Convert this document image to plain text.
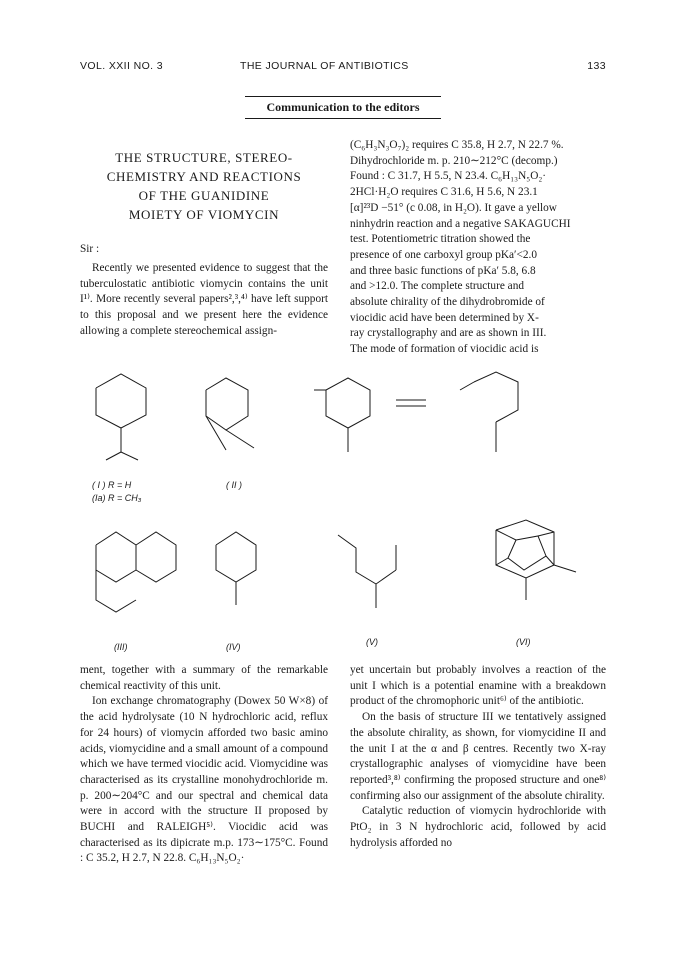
VOL. XXII NO. 3	THE JOURNAL OF ANTIBIOTICS	133
Communication to the editors
THE STRUCTURE, STEREO-
CHEMISTRY AND REACTIONS
OF THE GUANIDINE
MOIETY OF VIOMYCIN
Sir :

Recently we presented evidence to suggest that the tuberculostatic antibiotic viomycin contains the unit I¹⁾. More recently several papers²,³,⁴⁾ have left support to this proposal and we present here the evidence allowing a complete stereochemical assign-

(C₆H₃N₃O₇)₂ requires C 35.8, H 2.7, N 22.7 %.
Dihydrochloride m. p. 210∼212°C (decomp.)
Found : C 31.7, H 5.5, N 23.4. C₆H₁₃N₅O₂·
2HCl·H₂O requires C 31.6, H 5.6, N 23.1
[α]²³D −51° (c 0.08, in H₂O). It gave a yellow
ninhydrin reaction and a negative SAKAGUCHI
test. Potentiometric titration showed the
presence of one carboxyl group pKa′<2.0
and three basic functions of pKa′ 5.8, 6.8
and >12.0. The complete structure and
absolute chirality of the dihydrobromide of
viocidic acid have been determined by X-
ray crystallography and are as shown in III.
The mode of formation of viocidic acid is
( I ) R = H
(Ia) R = CH₃
( II )
(III)	(IV)	(V)	(VI)

ment, together with a summary of the remarkable chemical reactivity of this unit.

Ion exchange chromatography (Dowex 50 W×8) of the acid hydrolysate (10 N hydrochloric acid, reflux for 24 hours) of viomycin afforded two basic amino acids, viomycidine and a small amount of a compound which we have termed viocidic acid. Viomycidine was characterised as its crystalline monohydrochloride m. p. 200∼204°C and our spectral and chemical data were in accord with the structure II proposed by BUCHI and RALEIGH⁵⁾. Viocidic acid was characterised as its dipicrate m.p. 173∼175°C. Found : C 35.2, H 2.7, N 22.8. C₆H₁₃N₅O₂·

yet uncertain but probably involves a reaction of the unit I which is a potential enamine with a breakdown product of the chromophoric unit⁶⁾ of the antibiotic.

On the basis of structure III we tentatively assigned the absolute chirality, as shown, for viomycidine II and the unit I at the α and β centres. Recently two X-ray crystallographic analyses of viomycidine have been reported³,⁸⁾ confirming the proposed structure and one⁸⁾ confirming also our assignment of the absolute chirality.

Catalytic reduction of viomycin hydrochloride with PtO₂ in 3 N hydrochloric acid, followed by acid hydrolysis afforded no
